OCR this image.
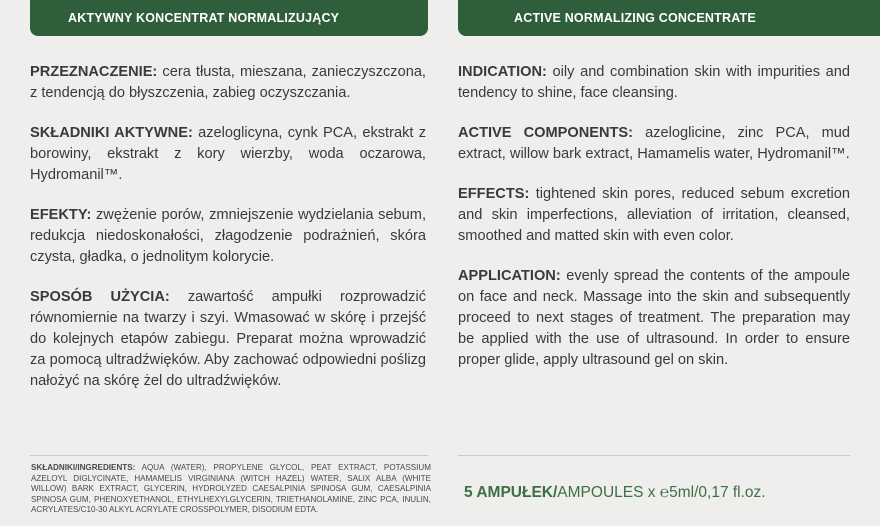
AKTYWNY KONCENTRAT NORMALIZUJĄCY	ACTIVE NORMALIZING CONCENTRATE

PRZEZNACZENIE: cera tłusta, mieszana, zanieczyszczona, z tendencją do błyszczenia, zabieg oczyszczania.

SKŁADNIKI AKTYWNE: azeloglicyna, cynk PCA, ekstrakt z borowiny, ekstrakt z kory wierzby, woda oczarowa, Hydromanil™.

EFEKTY: zwężenie porów, zmniejszenie wydzielania sebum, redukcja niedoskonałości, złagodzenie podrażnień, skóra czysta, gładka, o jednolitym kolorycie.

SPOSÓB UŻYCIA: zawartość ampułki rozprowadzić równomiernie na twarzy i szyi. Wmasować w skórę i przejść do kolejnych etapów zabiegu. Preparat można wprowadzić za pomocą ultradźwięków. Aby zachować odpowiedni poślizg nałożyć na skórę żel do ultradźwięków.

INDICATION: oily and combination skin with impurities and tendency to shine, face cleansing.

ACTIVE COMPONENTS: azeloglicine, zinc PCA, mud extract, willow bark extract, Hamamelis water, Hydromanil™.

EFFECTS: tightened skin pores, reduced sebum excretion and skin imperfections, alleviation of irritation, cleansed, smoothed and matted skin with even color.

APPLICATION: evenly spread the contents of the ampoule on face and neck. Massage into the skin and subsequently proceed to next stages of treatment. The preparation may be applied with the use of ultrasound. In order to ensure proper glide, apply ultrasound gel on skin.

SKŁADNIKI/INGREDIENTS: AQUA (WATER), PROPYLENE GLYCOL, PEAT EXTRACT, POTASSIUM AZELOYL DIGLYCINATE, HAMAMELIS VIRGINIANA (WITCH HAZEL) WATER, SALIX ALBA (WHITE WILLOW) BARK EXTRACT, GLYCERIN, HYDROLYZED CAESALPINIA SPINOSA GUM, CAESALPINIA SPINOSA GUM, PHENOXYETHANOL, ETHYLHEXYLGLYCERIN, TRIETHANOLAMINE, ZINC PCA, INULIN, ACRYLATES/C10-30 ALKYL ACRYLATE CROSSPOLYMER, DISODIUM EDTA.
5 AMPUŁEK/AMPOULES x ℮5ml/0,17 fl.oz.
